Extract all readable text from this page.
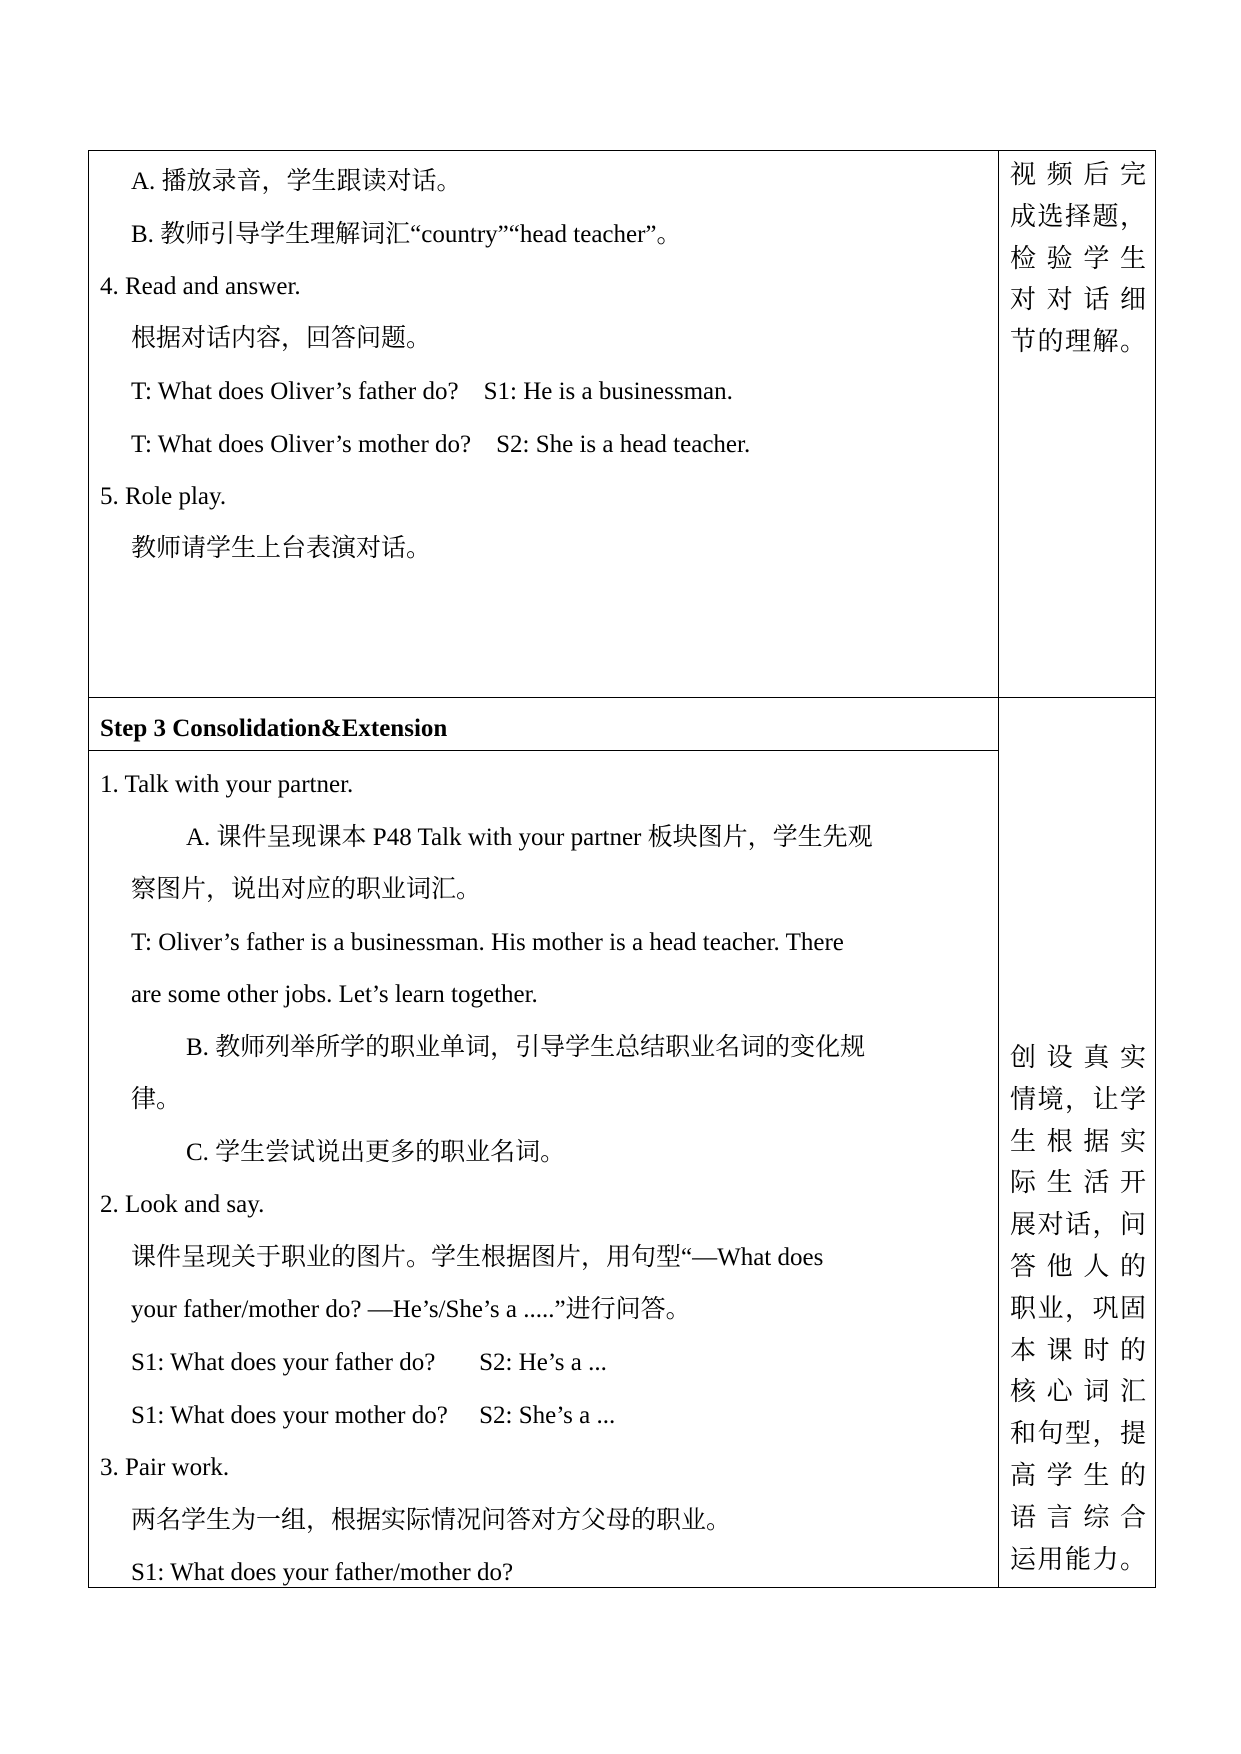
A. 播放录音，学生跟读对话。
B. 教师引导学生理解词汇“country”“head teacher”。
4. Read and answer.
根据对话内容，回答问题。
T: What does Oliver’s father do?    S1: He is a businessman.
T: What does Oliver’s mother do?    S2: She is a head teacher.
5. Role play.
教师请学生上台表演对话。
视频后完
成选择题，
检验学生
对对话细
节的理解。
Step 3 Consolidation&Extension
1. Talk with your partner.
A. 课件呈现课本 P48 Talk with your partner 板块图片，学生先观
察图片，说出对应的职业词汇。
T: Oliver’s father is a businessman. His mother is a head teacher. There
are some other jobs. Let’s learn together.
B. 教师列举所学的职业单词，引导学生总结职业名词的变化规
律。
C. 学生尝试说出更多的职业名词。
2. Look and say.
课件呈现关于职业的图片。学生根据图片，用句型“—What does
your father/mother do? —He’s/She’s a .....”进行问答。
S1: What does your father do?       S2: He’s a ...
S1: What does your mother do?     S2: She’s a ...
3. Pair work.
两名学生为一组，根据实际情况问答对方父母的职业。
S1: What does your father/mother do?
创设真实
情境，让学
生根据实
际生活开
展对话，问
答他人的
职业，巩固
本课时的
核心词汇
和句型，提
高学生的
语言综合
运用能力。
